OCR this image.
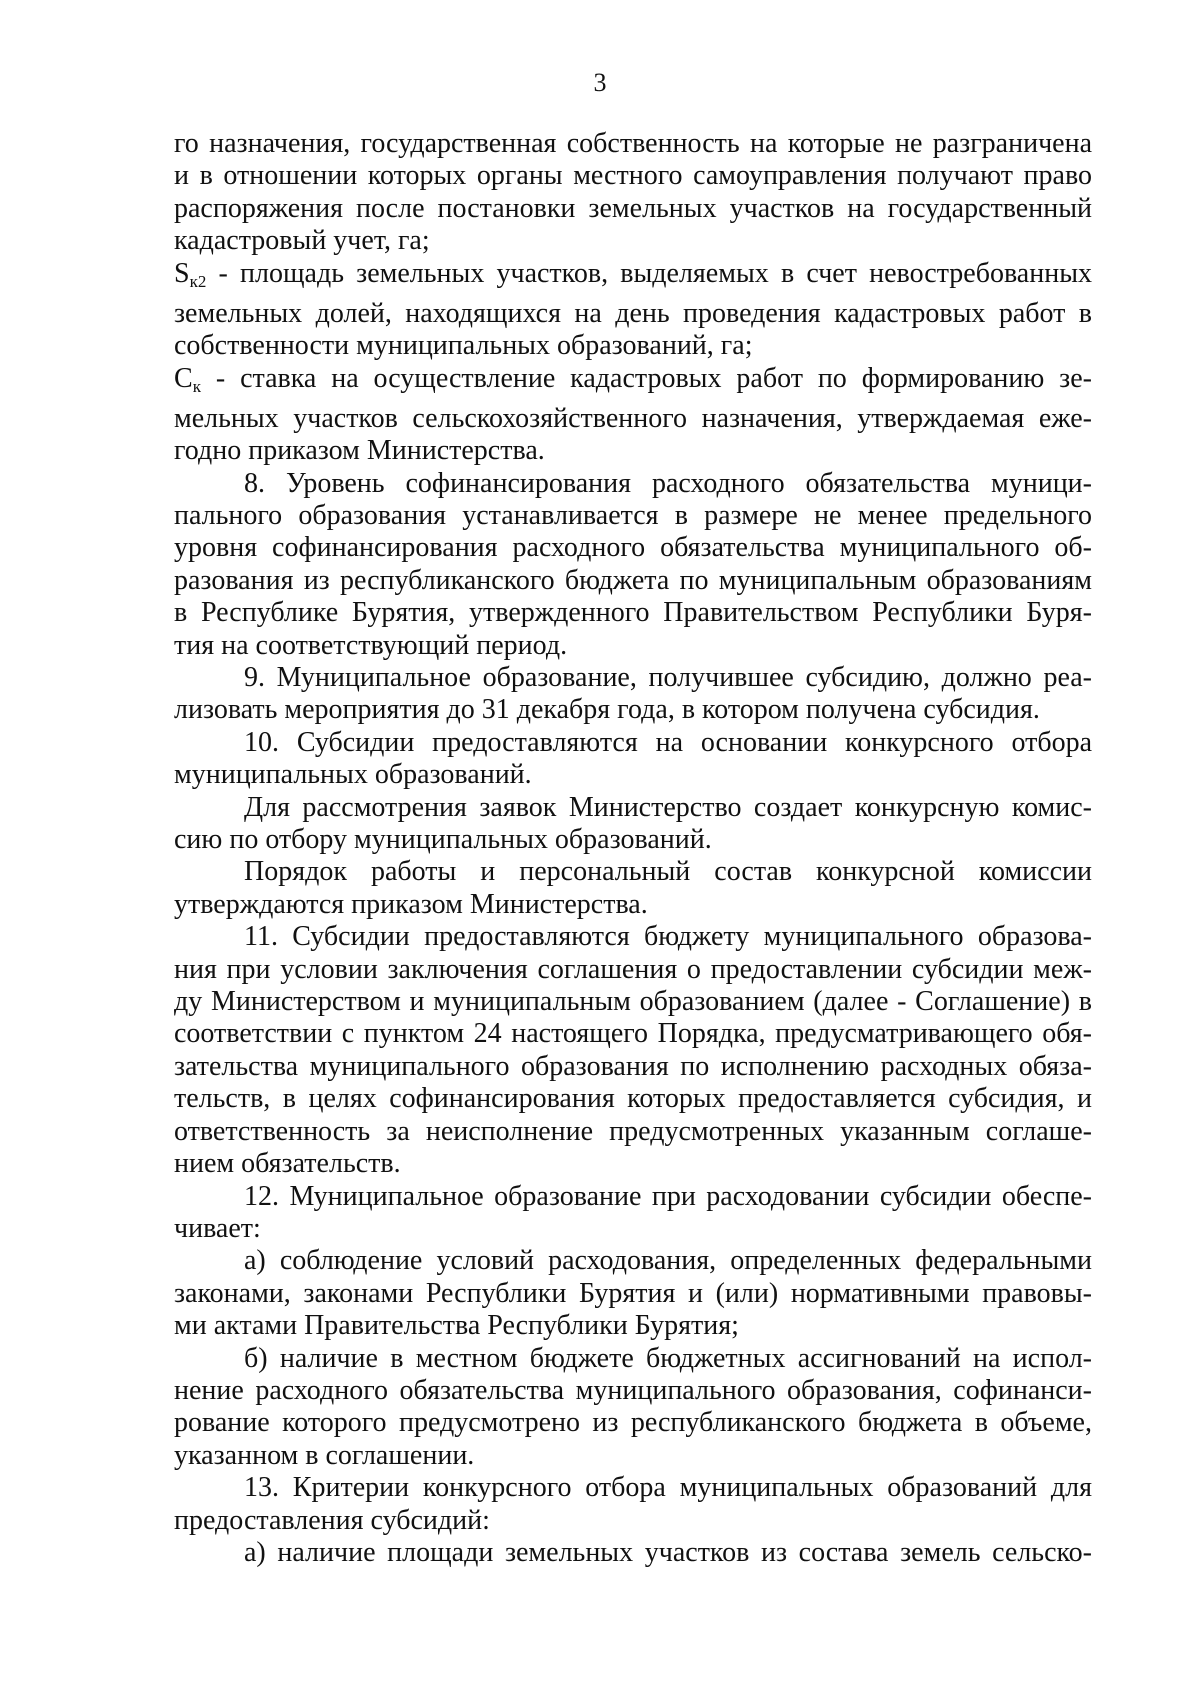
3
го назначения, государственная собственность на которые не разграничена
и в отношении которых органы местного самоуправления получают право
распоряжения после постановки земельных участков на государственный
кадастровый учет, га;
$S_{к2}$ - площадь земельных участков, выделяемых в счет невостребованных
земельных долей, находящихся на день проведения кадастровых работ в
собственности муниципальных образований, га;
$С_к$ - ставка на осуществление кадастровых работ по формированию зе-
мельных участков сельскохозяйственного назначения, утверждаемая еже-
годно приказом Министерства.
8. Уровень софинансирования расходного обязательства муници-
пального образования устанавливается в размере не менее предельного
уровня софинансирования расходного обязательства муниципального об-
разования из республиканского бюджета по муниципальным образованиям
в Республике Бурятия, утвержденного Правительством Республики Буря-
тия на соответствующий период.
9. Муниципальное образование, получившее субсидию, должно реа-
лизовать мероприятия до 31 декабря года, в котором получена субсидия.
10. Субсидии предоставляются на основании конкурсного отбора
муниципальных образований.
Для рассмотрения заявок Министерство создает конкурсную комис-
сию по отбору муниципальных образований.
Порядок работы и персональный состав конкурсной комиссии
утверждаются приказом Министерства.
11. Субсидии предоставляются бюджету муниципального образова-
ния при условии заключения соглашения о предоставлении субсидии меж-
ду Министерством и муниципальным образованием (далее - Соглашение) в
соответствии с пунктом 24 настоящего Порядка, предусматривающего обя-
зательства муниципального образования по исполнению расходных обяза-
тельств, в целях софинансирования которых предоставляется субсидия, и
ответственность за неисполнение предусмотренных указанным соглаше-
нием обязательств.
12. Муниципальное образование при расходовании субсидии обеспе-
чивает:
а) соблюдение условий расходования, определенных федеральными
законами, законами Республики Бурятия и (или) нормативными правовы-
ми актами Правительства Республики Бурятия;
б) наличие в местном бюджете бюджетных ассигнований на испол-
нение расходного обязательства муниципального образования, софинанси-
рование которого предусмотрено из республиканского бюджета в объеме,
указанном в соглашении.
13. Критерии конкурсного отбора муниципальных образований для
предоставления субсидий:
а) наличие площади земельных участков из состава земель сельско-
